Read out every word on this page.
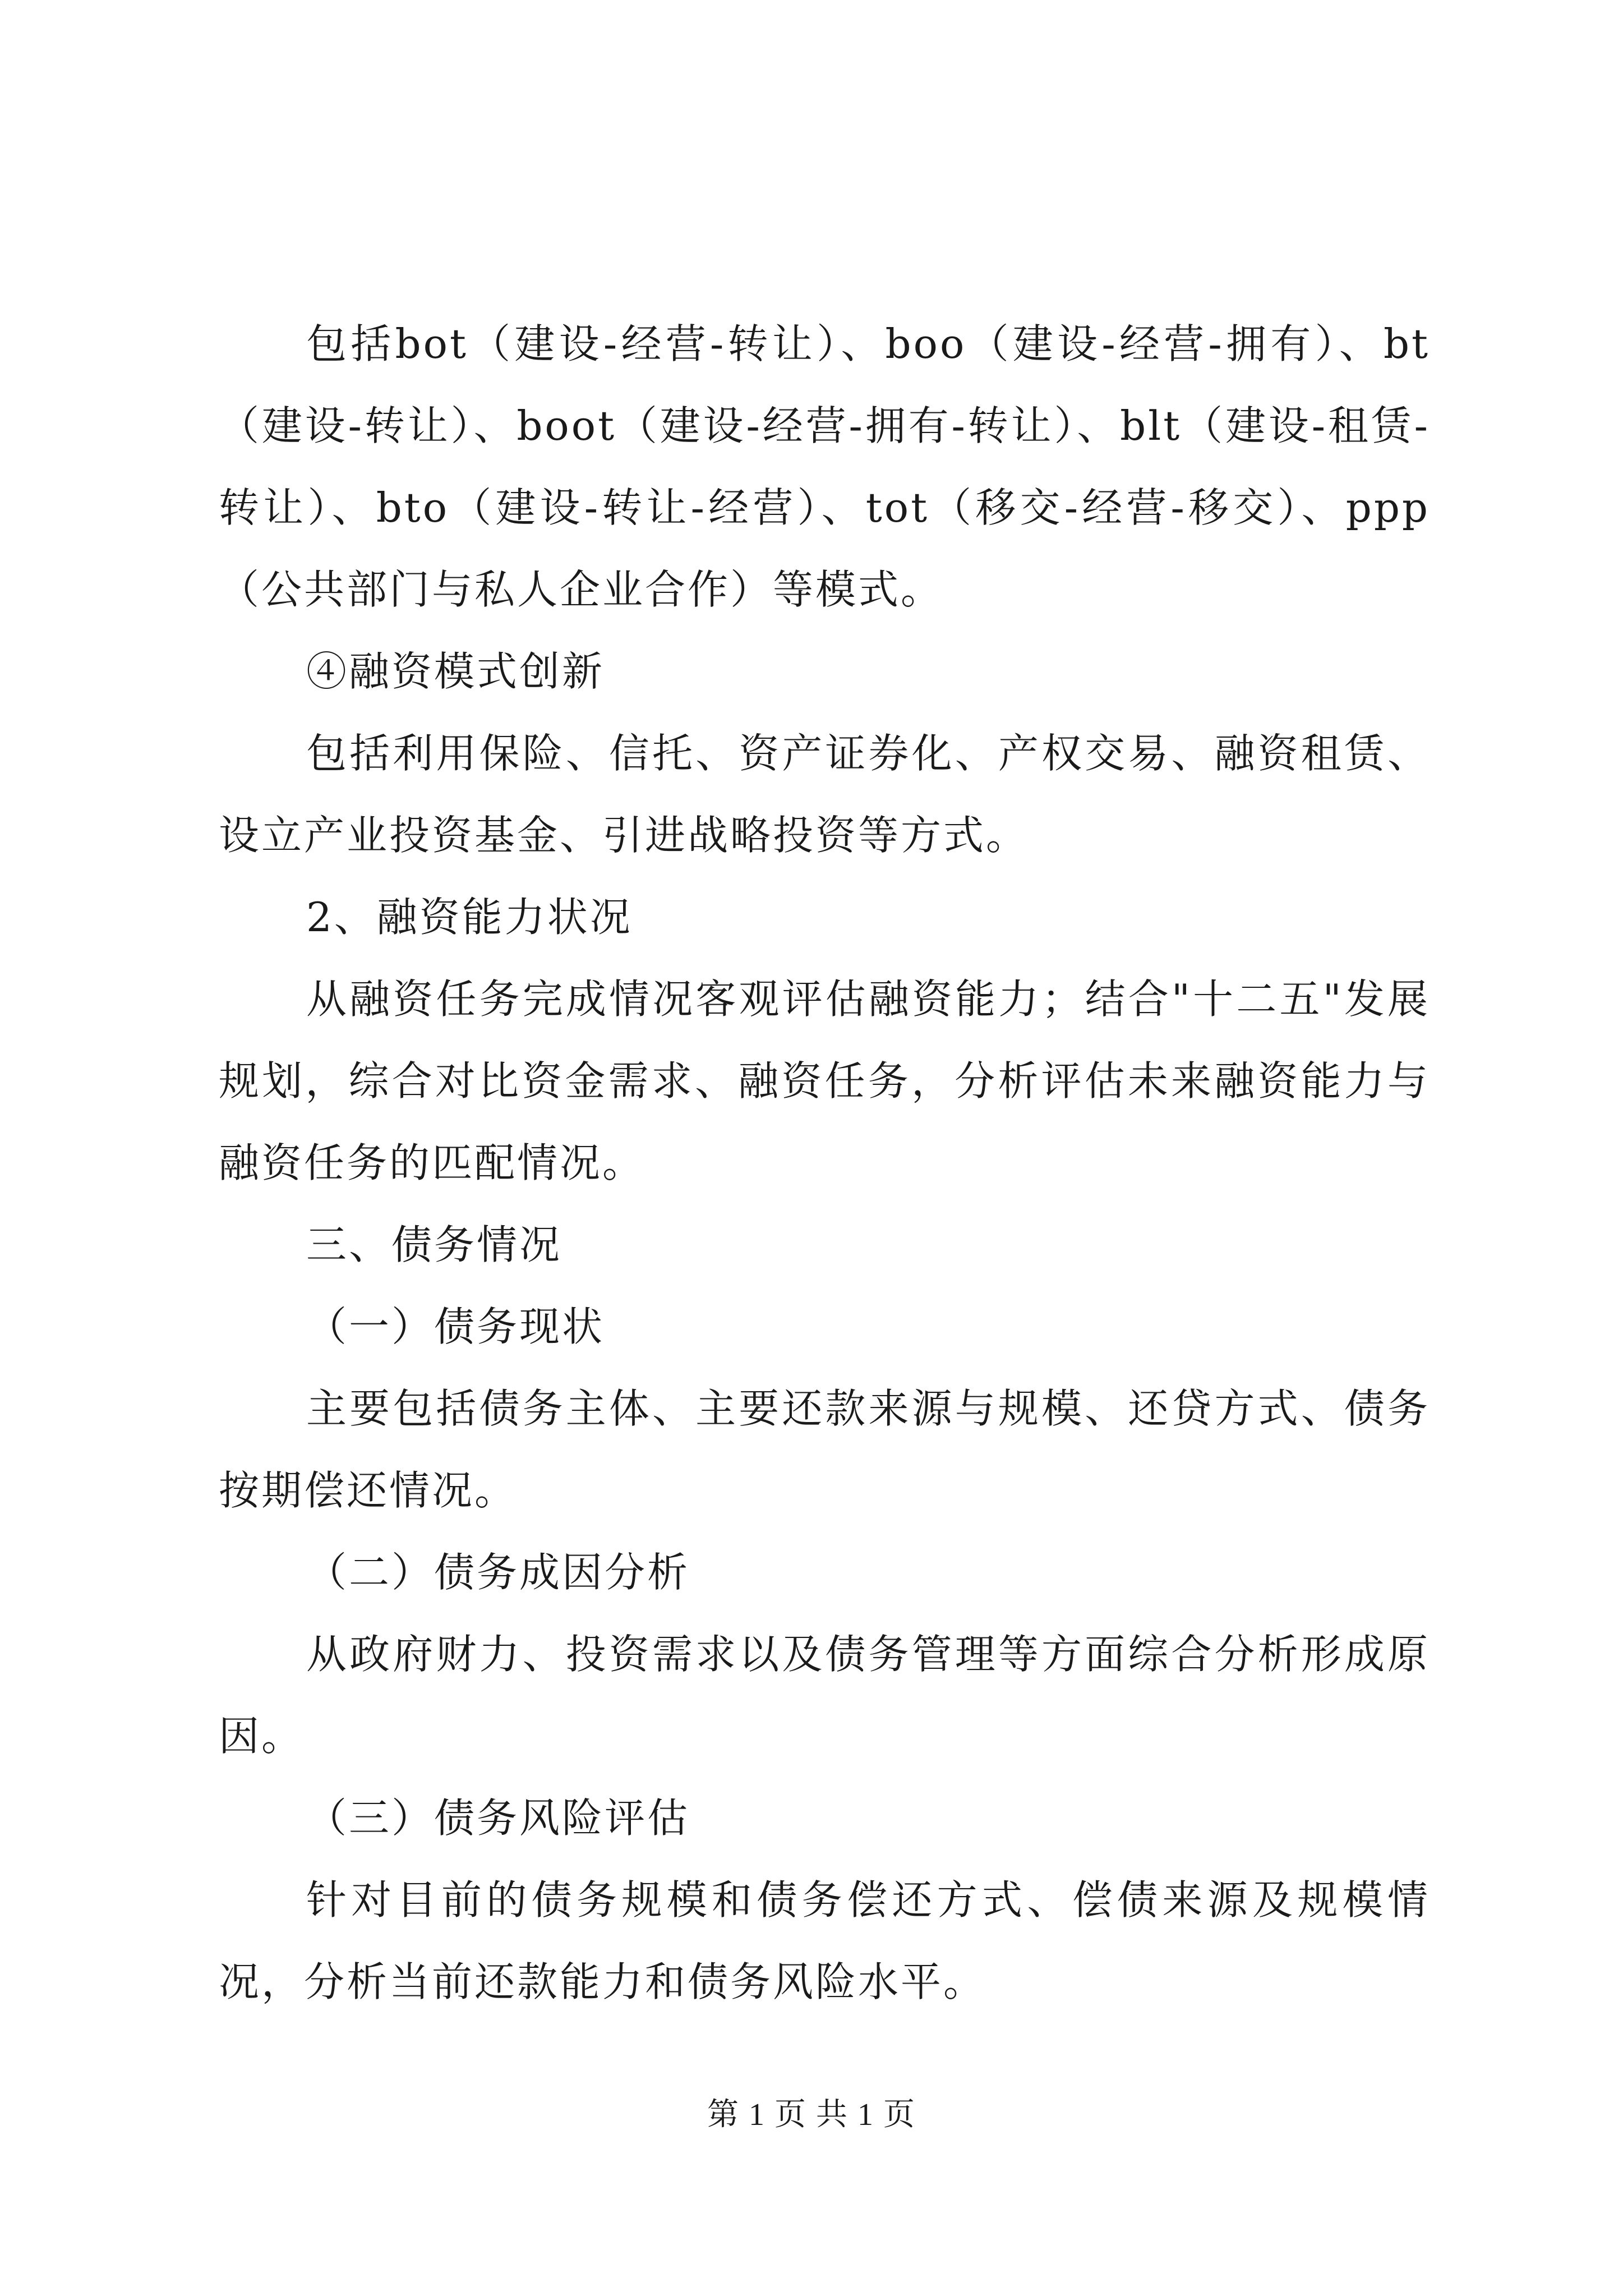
包括bot（建设-经营-转让）、boo（建设-经营-拥有）、bt（建设-转让）、boot（建设-经营-拥有-转让）、blt（建设-租赁-转让）、bto（建设-转让-经营）、tot（移交-经营-移交）、ppp（公共部门与私人企业合作）等模式。

④融资模式创新

包括利用保险、信托、资产证券化、产权交易、融资租赁、设立产业投资基金、引进战略投资等方式。

2、融资能力状况

从融资任务完成情况客观评估融资能力；结合"十二五"发展规划，综合对比资金需求、融资任务，分析评估未来融资能力与融资任务的匹配情况。

三、债务情况

（一）债务现状

主要包括债务主体、主要还款来源与规模、还贷方式、债务按期偿还情况。

（二）债务成因分析

从政府财力、投资需求以及债务管理等方面综合分析形成原因。

（三）债务风险评估

针对目前的债务规模和债务偿还方式、偿债来源及规模情况，分析当前还款能力和债务风险水平。

第 1 页 共 1 页
